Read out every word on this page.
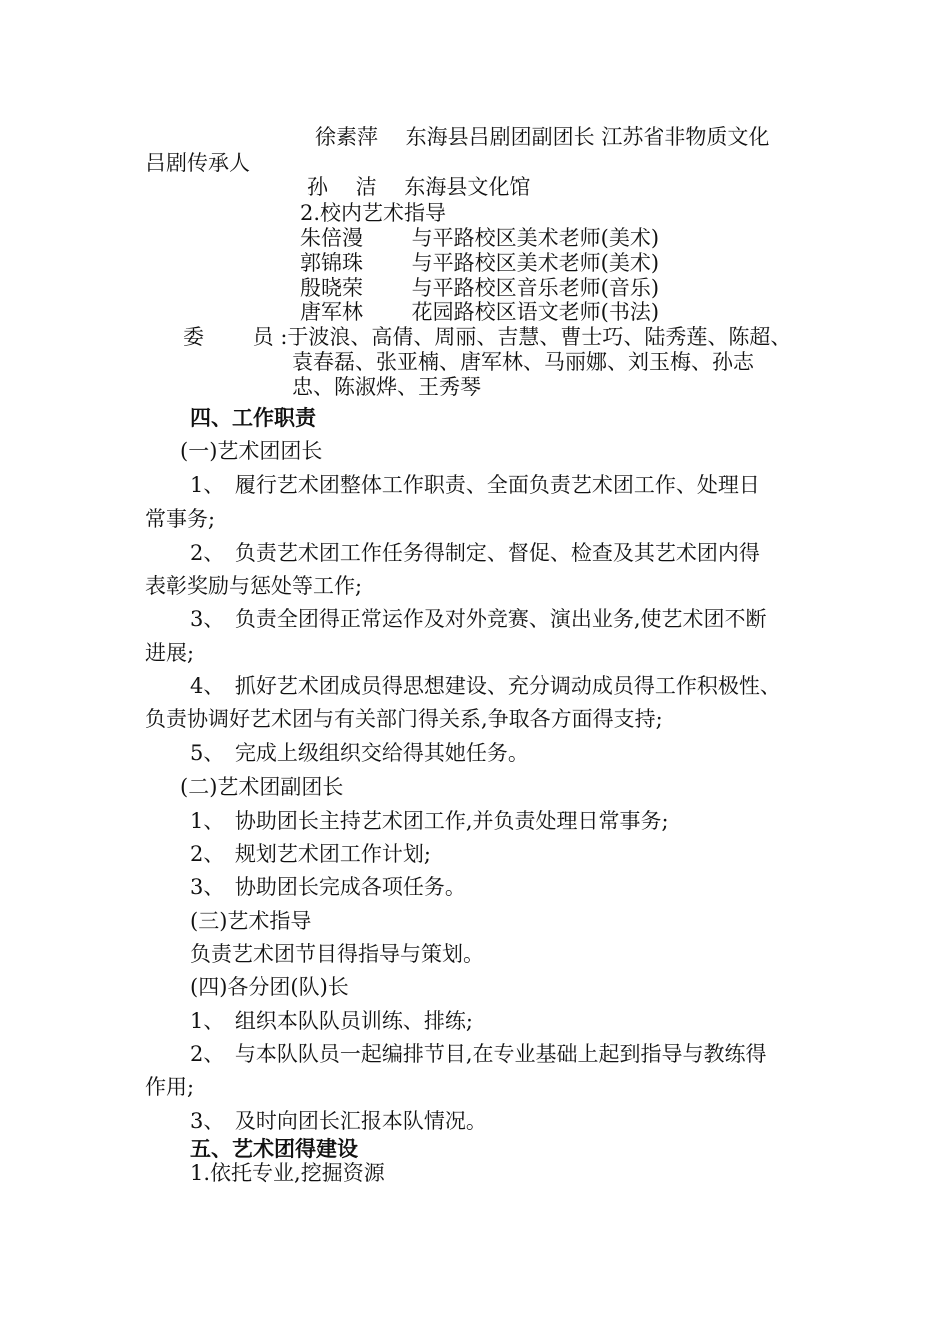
徐素萍　 东海县吕剧团副团长 江苏省非物质文化
吕剧传承人
孙　 洁　 东海县文化馆
2.校内艺术指导
朱倍漫　　 与平路校区美术老师(美术)
郭锦珠　　 与平路校区美术老师(美术)
殷晓荣　　 与平路校区音乐老师(音乐)
唐军林　　 花园路校区语文老师(书法)
委　　 员 :于波浪、高倩、周丽、吉慧、曹士巧、陆秀莲、陈超、
袁春磊、张亚楠、唐军林、马丽娜、刘玉梅、孙志
忠、陈淑烨、王秀琴
四、工作职责
(一)艺术团团长
1、　履行艺术团整体工作职责、全面负责艺术团工作、处理日
常事务;
2、　负责艺术团工作任务得制定、督促、检查及其艺术团内得
表彰奖励与惩处等工作;
3、　负责全团得正常运作及对外竞赛、演出业务,使艺术团不断
进展;
4、　抓好艺术团成员得思想建设、充分调动成员得工作积极性、
负责协调好艺术团与有关部门得关系,争取各方面得支持;
5、　完成上级组织交给得其她任务。
(二)艺术团副团长
1、　协助团长主持艺术团工作,并负责处理日常事务;
2、　规划艺术团工作计划;
3、　协助团长完成各项任务。
(三)艺术指导
负责艺术团节目得指导与策划。
(四)各分团(队)长
1、　组织本队队员训练、排练;
2、　与本队队员一起编排节目,在专业基础上起到指导与教练得
作用;
3、　及时向团长汇报本队情况。
五、艺术团得建设
1.依托专业,挖掘资源
